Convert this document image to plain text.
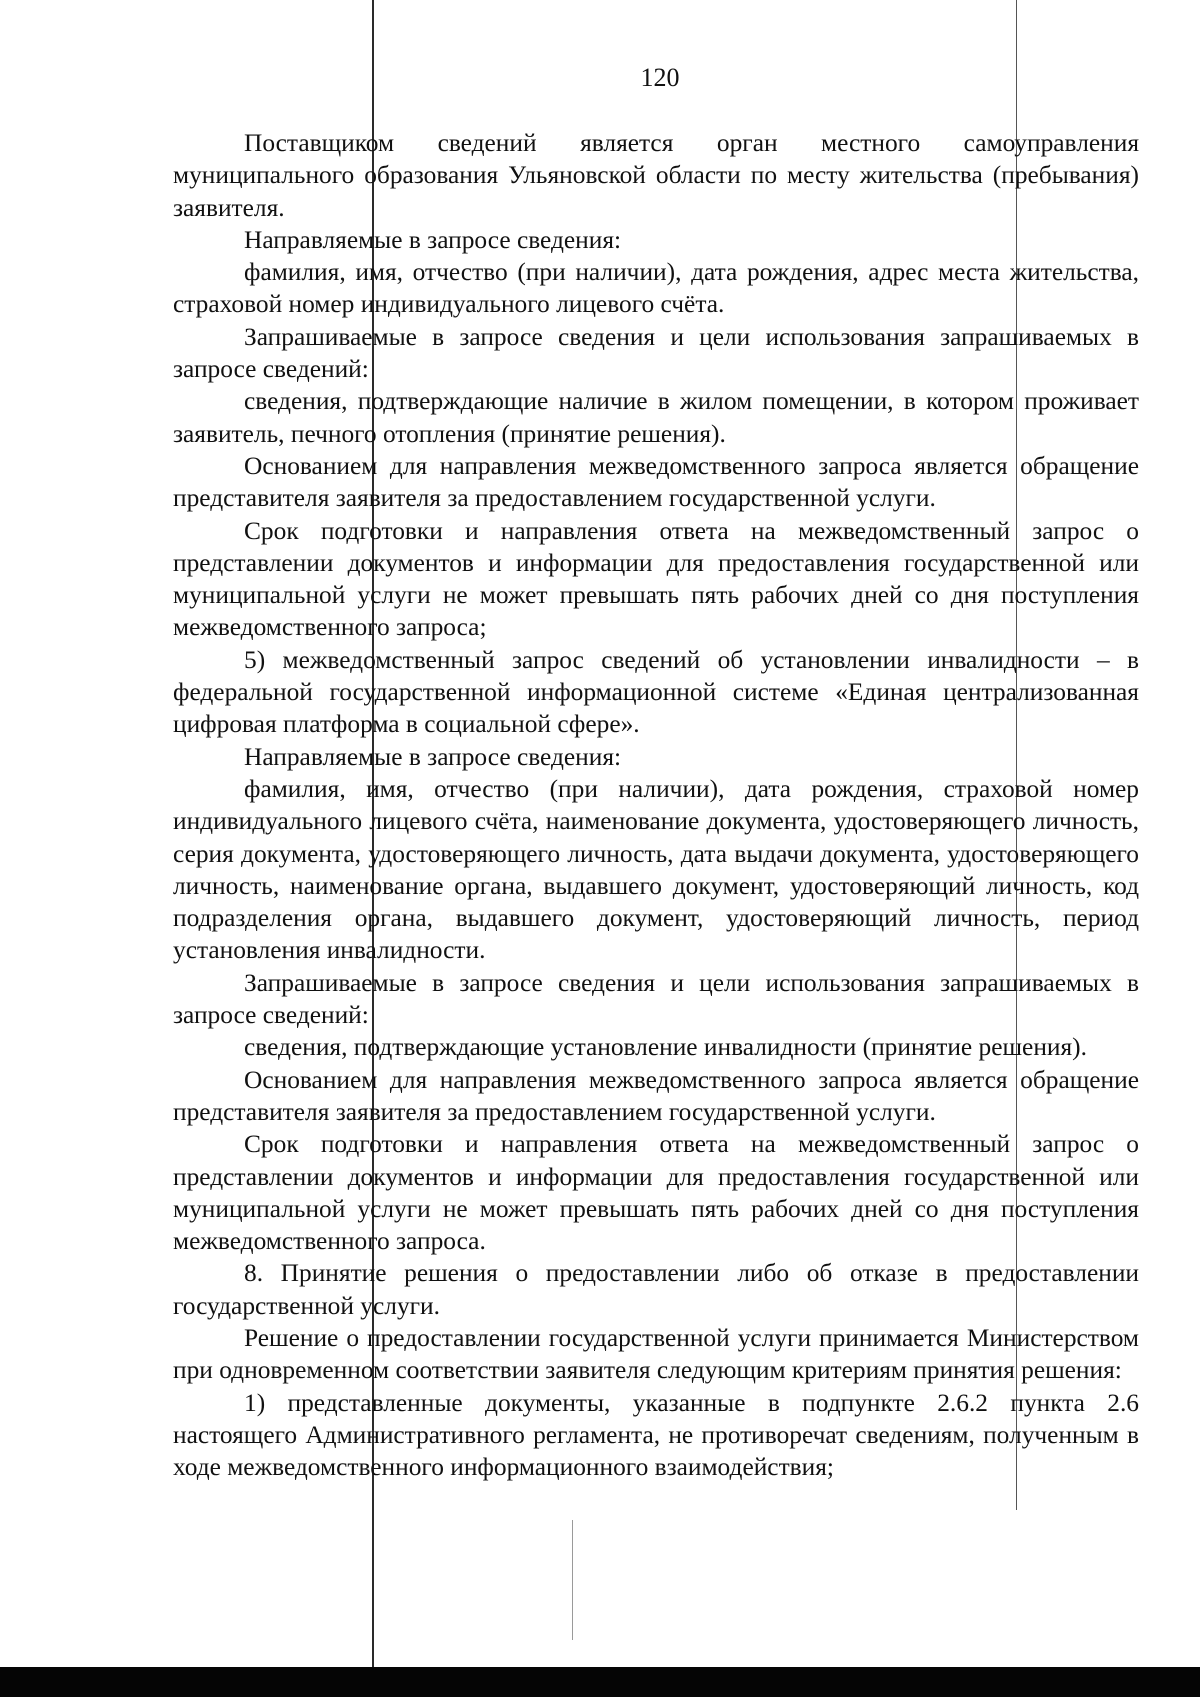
120

Поставщиком сведений является орган местного самоуправления муниципального образования Ульяновской области по месту жительства (пребывания) заявителя.

Направляемые в запросе сведения:

фамилия, имя, отчество (при наличии), дата рождения, адрес места жительства, страховой номер индивидуального лицевого счёта.

Запрашиваемые в запросе сведения и цели использования запрашиваемых в запросе сведений:

сведения, подтверждающие наличие в жилом помещении, в котором проживает заявитель, печного отопления (принятие решения).

Основанием для направления межведомственного запроса является обращение представителя заявителя за предоставлением государственной услуги.

Срок подготовки и направления ответа на межведомственный запрос о представлении документов и информации для предоставления государственной или муниципальной услуги не может превышать пять рабочих дней со дня поступления межведомственного запроса;

5) межведомственный запрос сведений об установлении инвалидности – в федеральной государственной информационной системе «Единая централизованная цифровая платформа в социальной сфере».

Направляемые в запросе сведения:

фамилия, имя, отчество (при наличии), дата рождения, страховой номер индивидуального лицевого счёта, наименование документа, удостоверяющего личность, серия документа, удостоверяющего личность, дата выдачи документа, удостоверяющего личность, наименование органа, выдавшего документ, удостоверяющий личность, код подразделения органа, выдавшего документ, удостоверяющий личность, период установления инвалидности.

Запрашиваемые в запросе сведения и цели использования запрашиваемых в запросе сведений:

сведения, подтверждающие установление инвалидности (принятие решения).

Основанием для направления межведомственного запроса является обращение представителя заявителя за предоставлением государственной услуги.

Срок подготовки и направления ответа на межведомственный запрос о представлении документов и информации для предоставления государственной или муниципальной услуги не может превышать пять рабочих дней со дня поступления межведомственного запроса.

8. Принятие решения о предоставлении либо об отказе в предоставлении государственной услуги.

Решение о предоставлении государственной услуги принимается Министерством при одновременном соответствии заявителя следующим критериям принятия решения:

1) представленные документы, указанные в подпункте 2.6.2 пункта 2.6 настоящего Административного регламента, не противоречат сведениям, полученным в ходе межведомственного информационного взаимодействия;
